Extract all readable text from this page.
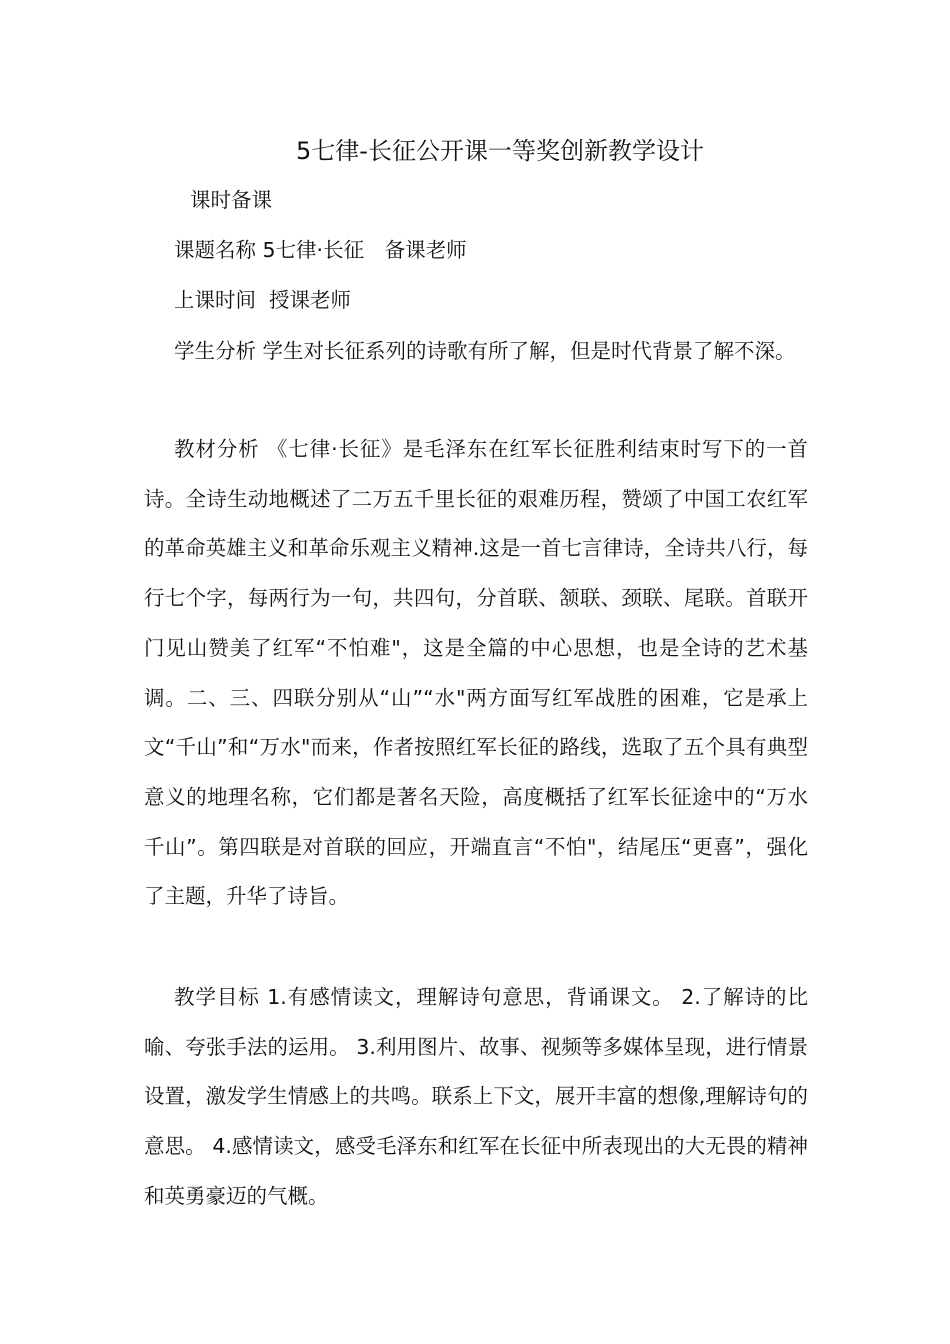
5七律-长征公开课一等奖创新教学设计
课时备课
课题名称 5七律·长征　备课老师
上课时间  授课老师
学生分析 学生对长征系列的诗歌有所了解，但是时代背景了解不深。
教材分析 《七律·长征》是毛泽东在红军长征胜利结束时写下的一首诗。全诗生动地概述了二万五千里长征的艰难历程，赞颂了中国工农红军的革命英雄主义和革命乐观主义精神.这是一首七言律诗，全诗共八行，每行七个字，每两行为一句，共四句，分首联、颔联、颈联、尾联。首联开门见山赞美了红军“不怕难"，这是全篇的中心思想，也是全诗的艺术基调。二、三、四联分别从“山”“水"两方面写红军战胜的困难，它是承上文“千山”和“万水"而来，作者按照红军长征的路线，选取了五个具有典型意义的地理名称，它们都是著名天险，高度概括了红军长征途中的“万水千山”。第四联是对首联的回应，开端直言“不怕"，结尾压“更喜”，强化了主题，升华了诗旨。
教学目标 1.有感情读文，理解诗句意思，背诵课文。 2.了解诗的比喻、夸张手法的运用。 3.利用图片、故事、视频等多媒体呈现，进行情景设置，激发学生情感上的共鸣。联系上下文，展开丰富的想像,理解诗句的意思。 4.感情读文，感受毛泽东和红军在长征中所表现出的大无畏的精神和英勇豪迈的气概。
